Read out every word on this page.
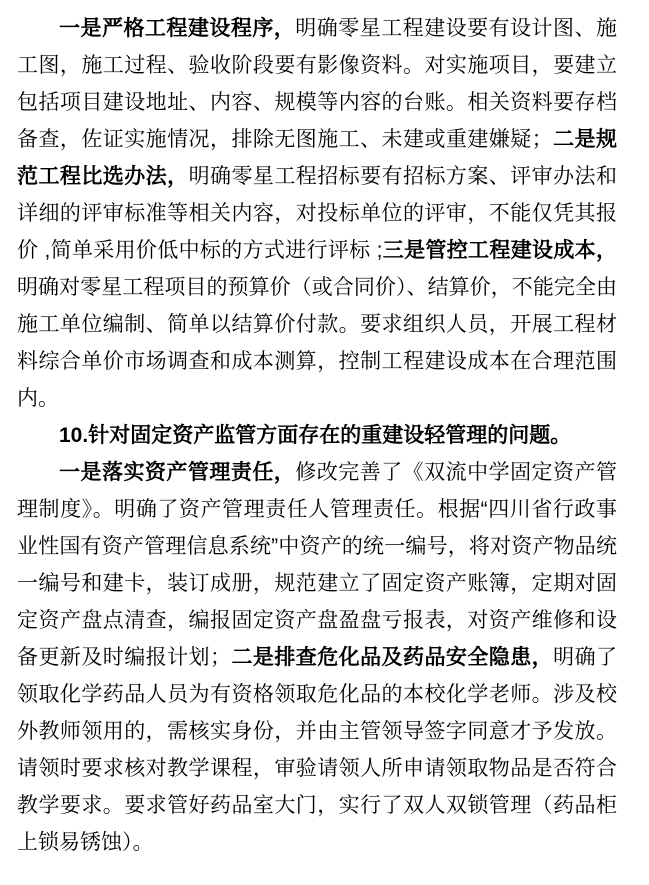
一是严格工程建设程序，明确零星工程建设要有设计图、施工图，施工过程、验收阶段要有影像资料。对实施项目，要建立包括项目建设地址、内容、规模等内容的台账。相关资料要存档备查，佐证实施情况，排除无图施工、未建或重建嫌疑；二是规范工程比选办法，明确零星工程招标要有招标方案、评审办法和详细的评审标准等相关内容，对投标单位的评审，不能仅凭其报价 ,简单采用价低中标的方式进行评标 ;三是管控工程建设成本，明确对零星工程项目的预算价（或合同价）、结算价，不能完全由施工单位编制、简单以结算价付款。要求组织人员，开展工程材料综合单价市场调查和成本测算，控制工程建设成本在合理范围内。

10.针对固定资产监管方面存在的重建设轻管理的问题。

一是落实资产管理责任，修改完善了《双流中学固定资产管理制度》。明确了资产管理责任人管理责任。根据“四川省行政事业性国有资产管理信息系统”中资产的统一编号，将对资产物品统一编号和建卡，装订成册，规范建立了固定资产账簿，定期对固定资产盘点清查，编报固定资产盘盈盘亏报表，对资产维修和设备更新及时编报计划；二是排查危化品及药品安全隐患，明确了领取化学药品人员为有资格领取危化品的本校化学老师。涉及校外教师领用的，需核实身份，并由主管领导签字同意才予发放。请领时要求核对教学课程，审验请领人所申请领取物品是否符合教学要求。要求管好药品室大门，实行了双人双锁管理（药品柜上锁易锈蚀）。
